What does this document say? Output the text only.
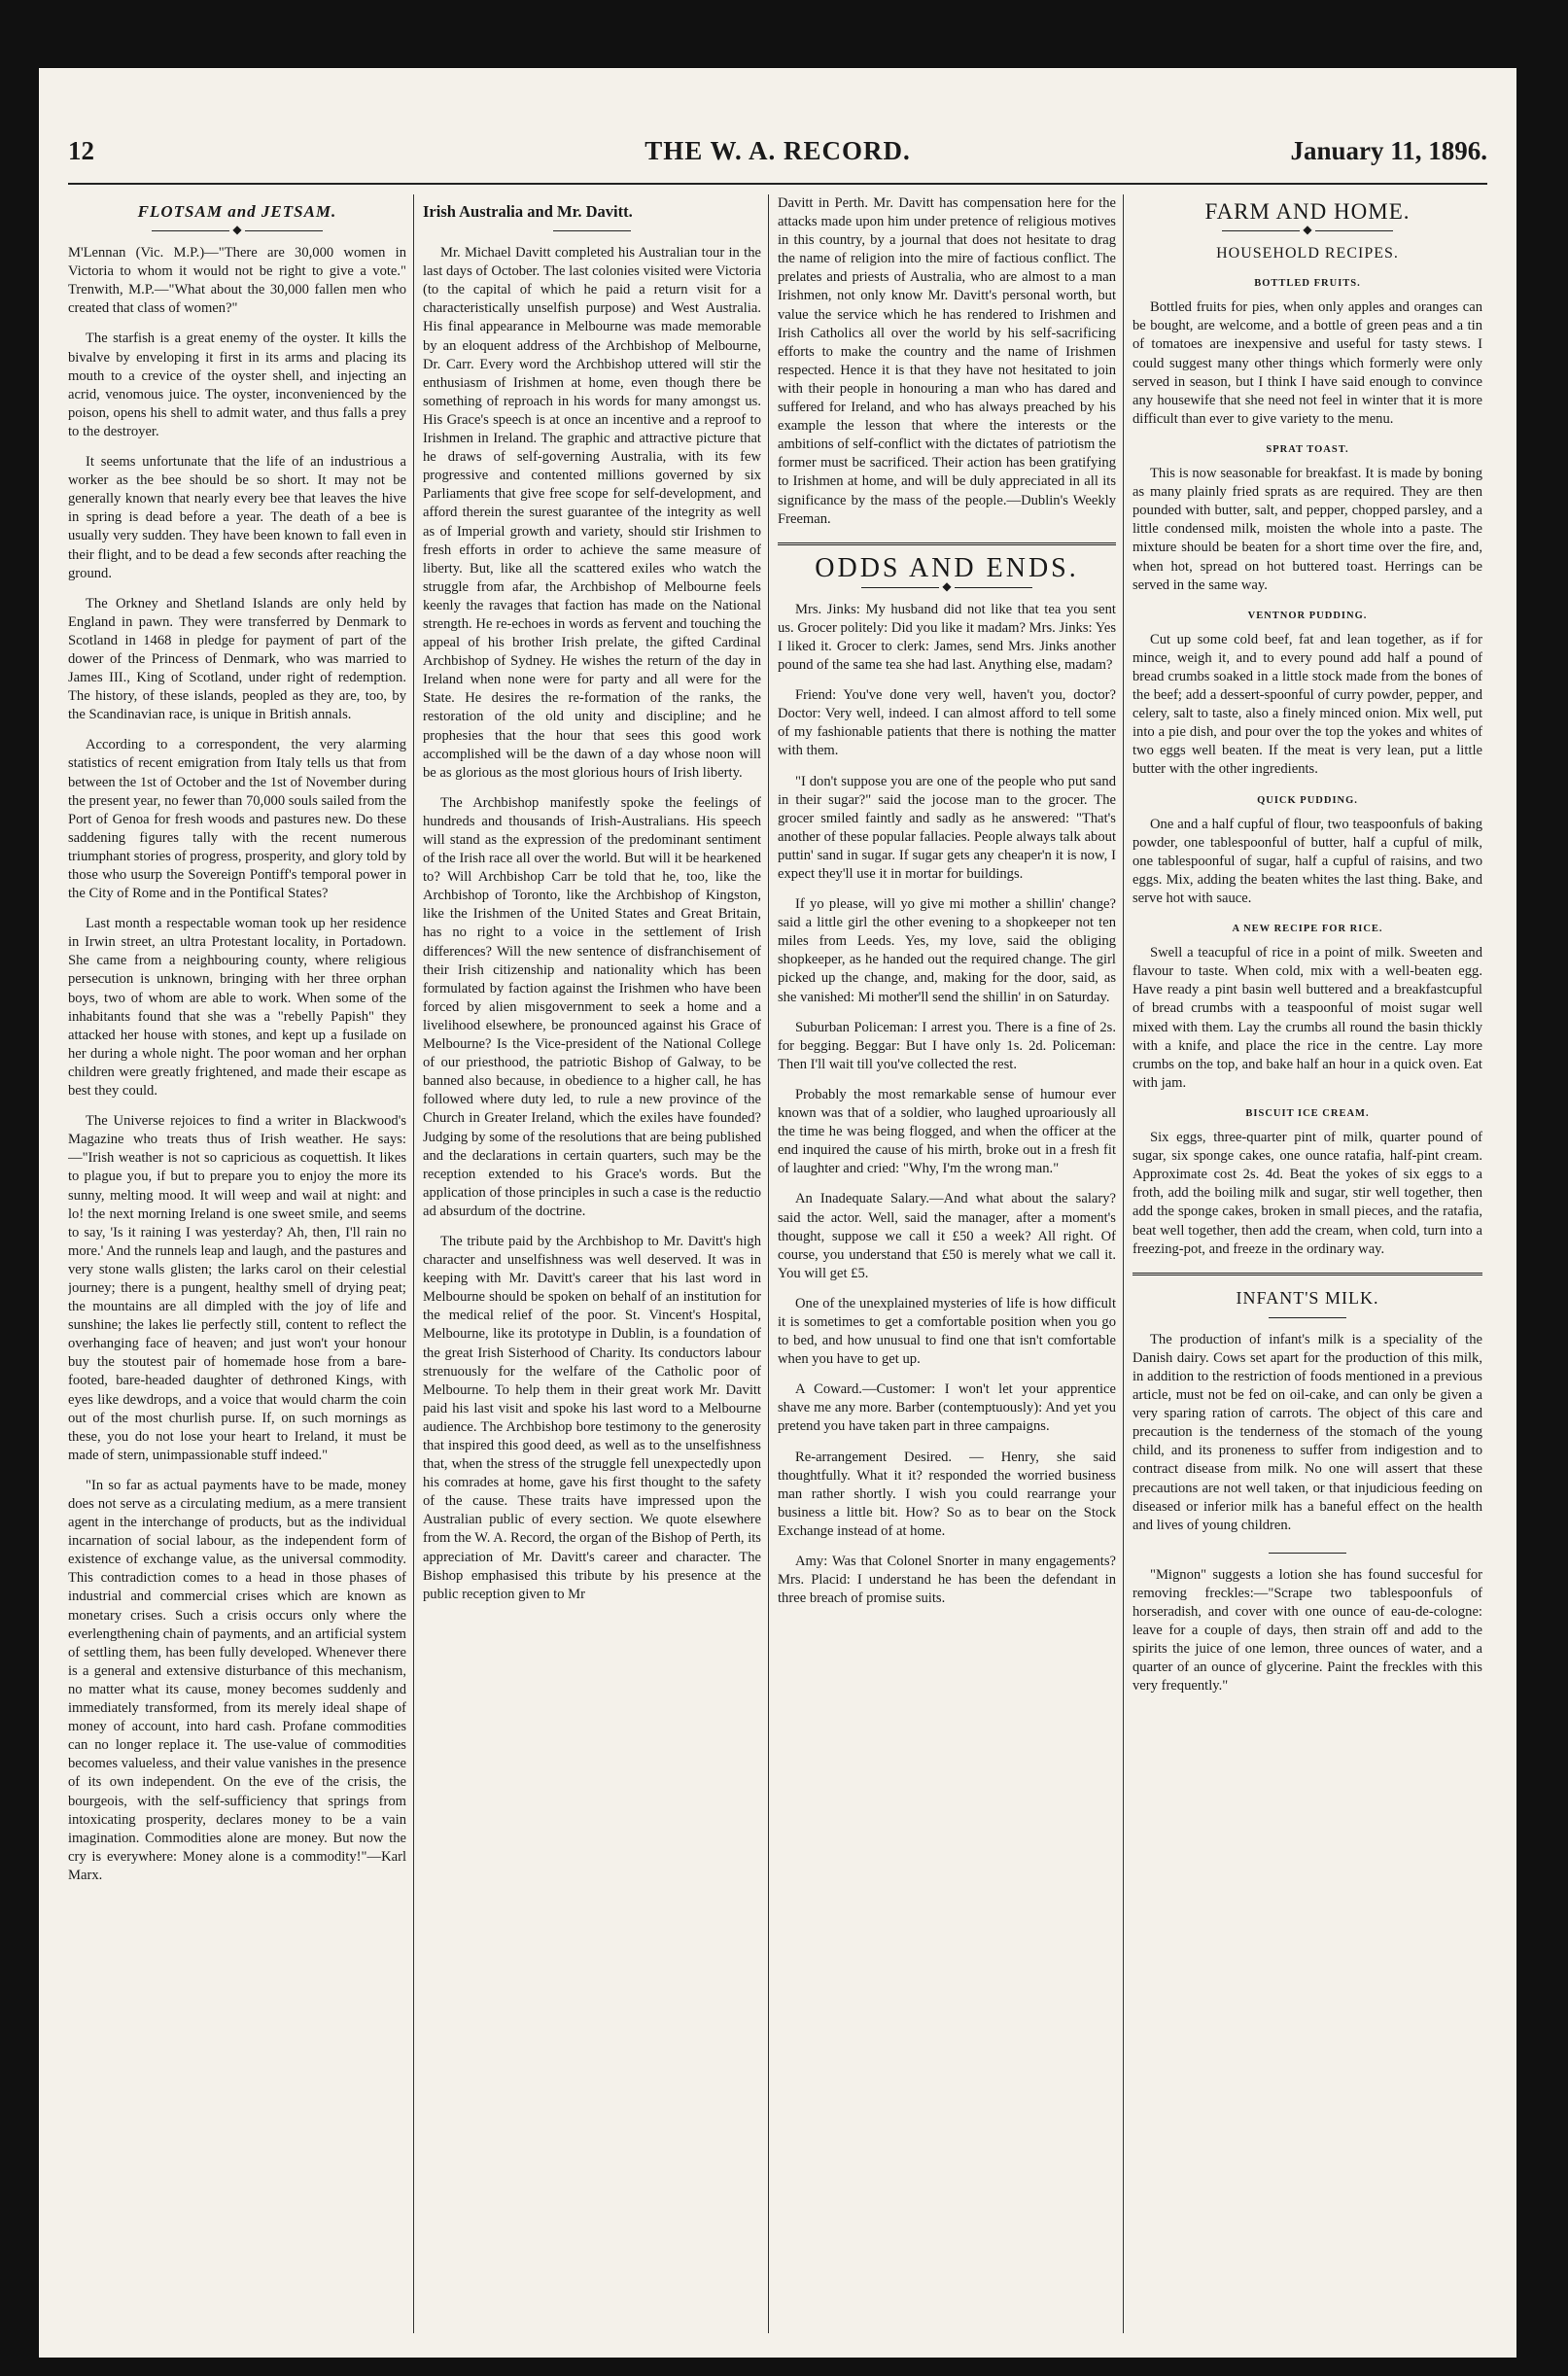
12	THE W. A. RECORD.	January 11, 1896.
FLOTSAM and JETSAM.
◆

M'Lennan (Vic. M.P.)—"There are 30,000 women in Victoria to whom it would not be right to give a vote." Trenwith, M.P.—"What about the 30,000 fallen men who created that class of women?"

The starfish is a great enemy of the oyster. It kills the bivalve by enveloping it first in its arms and placing its mouth to a crevice of the oyster shell, and injecting an acrid, venomous juice. The oyster, inconvenienced by the poison, opens his shell to admit water, and thus falls a prey to the destroyer.

It seems unfortunate that the life of an industrious a worker as the bee should be so short. It may not be generally known that nearly every bee that leaves the hive in spring is dead before a year. The death of a bee is usually very sudden. They have been known to fall even in their flight, and to be dead a few seconds after reaching the ground.

The Orkney and Shetland Islands are only held by England in pawn. They were transferred by Denmark to Scotland in 1468 in pledge for payment of part of the dower of the Princess of Denmark, who was married to James III., King of Scotland, under right of redemption. The history, of these islands, peopled as they are, too, by the Scandinavian race, is unique in British annals.

According to a correspondent, the very alarming statistics of recent emigration from Italy tells us that from between the 1st of October and the 1st of November during the present year, no fewer than 70,000 souls sailed from the Port of Genoa for fresh woods and pastures new. Do these saddening figures tally with the recent numerous triumphant stories of progress, prosperity, and glory told by those who usurp the Sovereign Pontiff's temporal power in the City of Rome and in the Pontifical States?

Last month a respectable woman took up her residence in Irwin street, an ultra Protestant locality, in Portadown. She came from a neighbouring county, where religious persecution is unknown, bringing with her three orphan boys, two of whom are able to work. When some of the inhabitants found that she was a "rebelly Papish" they attacked her house with stones, and kept up a fusilade on her during a whole night. The poor woman and her orphan children were greatly frightened, and made their escape as best they could.

The Universe rejoices to find a writer in Blackwood's Magazine who treats thus of Irish weather. He says:—"Irish weather is not so capricious as coquettish. It likes to plague you, if but to prepare you to enjoy the more its sunny, melting mood. It will weep and wail at night: and lo! the next morning Ireland is one sweet smile, and seems to say, 'Is it raining I was yesterday? Ah, then, I'll rain no more.' And the runnels leap and laugh, and the pastures and very stone walls glisten; the larks carol on their celestial journey; there is a pungent, healthy smell of drying peat; the mountains are all dimpled with the joy of life and sunshine; the lakes lie perfectly still, content to reflect the overhanging face of heaven; and just won't your honour buy the stoutest pair of homemade hose from a bare-footed, bare-headed daughter of dethroned Kings, with eyes like dewdrops, and a voice that would charm the coin out of the most churlish purse. If, on such mornings as these, you do not lose your heart to Ireland, it must be made of stern, unimpassionable stuff indeed."

"In so far as actual payments have to be made, money does not serve as a circulating medium, as a mere transient agent in the interchange of products, but as the individual incarnation of social labour, as the independent form of existence of exchange value, as the universal commodity. This contradiction comes to a head in those phases of industrial and commercial crises which are known as monetary crises. Such a crisis occurs only where the everlengthening chain of payments, and an artificial system of settling them, has been fully developed. Whenever there is a general and extensive disturbance of this mechanism, no matter what its cause, money becomes suddenly and immediately transformed, from its merely ideal shape of money of account, into hard cash. Profane commodities can no longer replace it. The use-value of commodities becomes valueless, and their value vanishes in the presence of its own independent. On the eve of the crisis, the bourgeois, with the self-sufficiency that springs from intoxicating prosperity, declares money to be a vain imagination. Commodities alone are money. But now the cry is everywhere: Money alone is a commodity!"—Karl Marx.

Irish Australia and Mr. Davitt.

Mr. Michael Davitt completed his Australian tour in the last days of October. The last colonies visited were Victoria (to the capital of which he paid a return visit for a characteristically unselfish purpose) and West Australia. His final appearance in Melbourne was made memorable by an eloquent address of the Archbishop of Melbourne, Dr. Carr. Every word the Archbishop uttered will stir the enthusiasm of Irishmen at home, even though there be something of reproach in his words for many amongst us. His Grace's speech is at once an incentive and a reproof to Irishmen in Ireland. The graphic and attractive picture that he draws of self-governing Australia, with its few progressive and contented millions governed by six Parliaments that give free scope for self-development, and afford therein the surest guarantee of the integrity as well as of Imperial growth and variety, should stir Irishmen to fresh efforts in order to achieve the same measure of liberty. But, like all the scattered exiles who watch the struggle from afar, the Archbishop of Melbourne feels keenly the ravages that faction has made on the National strength. He re-echoes in words as fervent and touching the appeal of his brother Irish prelate, the gifted Cardinal Archbishop of Sydney. He wishes the return of the day in Ireland when none were for party and all were for the State. He desires the re-formation of the ranks, the restoration of the old unity and discipline; and he prophesies that the hour that sees this good work accomplished will be the dawn of a day whose noon will be as glorious as the most glorious hours of Irish liberty.

The Archbishop manifestly spoke the feelings of hundreds and thousands of Irish-Australians. His speech will stand as the expression of the predominant sentiment of the Irish race all over the world. But will it be hearkened to? Will Archbishop Carr be told that he, too, like the Archbishop of Toronto, like the Archbishop of Kingston, like the Irishmen of the United States and Great Britain, has no right to a voice in the settlement of Irish differences? Will the new sentence of disfranchisement of their Irish citizenship and nationality which has been formulated by faction against the Irishmen who have been forced by alien misgovernment to seek a home and a livelihood elsewhere, be pronounced against his Grace of Melbourne? Is the Vice-president of the National College of our priesthood, the patriotic Bishop of Galway, to be banned also because, in obedience to a higher call, he has followed where duty led, to rule a new province of the Church in Greater Ireland, which the exiles have founded? Judging by some of the resolutions that are being published and the declarations in certain quarters, such may be the reception extended to his Grace's words. But the application of those principles in such a case is the reductio ad absurdum of the doctrine.

The tribute paid by the Archbishop to Mr. Davitt's high character and unselfishness was well deserved. It was in keeping with Mr. Davitt's career that his last word in Melbourne should be spoken on behalf of an institution for the medical relief of the poor. St. Vincent's Hospital, Melbourne, like its prototype in Dublin, is a foundation of the great Irish Sisterhood of Charity. Its conductors labour strenuously for the welfare of the Catholic poor of Melbourne. To help them in their great work Mr. Davitt paid his last visit and spoke his last word to a Melbourne audience. The Archbishop bore testimony to the generosity that inspired this good deed, as well as to the unselfishness that, when the stress of the struggle fell unexpectedly upon his comrades at home, gave his first thought to the safety of the cause. These traits have impressed upon the Australian public of every section. We quote elsewhere from the W. A. Record, the organ of the Bishop of Perth, its appreciation of Mr. Davitt's career and character. The Bishop emphasised this tribute by his presence at the public reception given to Mr

Davitt in Perth. Mr. Davitt has compensation here for the attacks made upon him under pretence of religious motives in this country, by a journal that does not hesitate to drag the name of religion into the mire of factious conflict. The prelates and priests of Australia, who are almost to a man Irishmen, not only know Mr. Davitt's personal worth, but value the service which he has rendered to Irishmen and Irish Catholics all over the world by his self-sacrificing efforts to make the country and the name of Irishmen respected. Hence it is that they have not hesitated to join with their people in honouring a man who has dared and suffered for Ireland, and who has always preached by his example the lesson that where the interests or the ambitions of self-conflict with the dictates of patriotism the former must be sacrificed. Their action has been gratifying to Irishmen at home, and will be duly appreciated in all its significance by the mass of the people.—Dublin's Weekly Freeman.

ODDS AND ENDS.
◆

Mrs. Jinks: My husband did not like that tea you sent us. Grocer politely: Did you like it madam? Mrs. Jinks: Yes I liked it. Grocer to clerk: James, send Mrs. Jinks another pound of the same tea she had last. Anything else, madam?

Friend: You've done very well, haven't you, doctor? Doctor: Very well, indeed. I can almost afford to tell some of my fashionable patients that there is nothing the matter with them.

"I don't suppose you are one of the people who put sand in their sugar?" said the jocose man to the grocer. The grocer smiled faintly and sadly as he answered: "That's another of these popular fallacies. People always talk about puttin' sand in sugar. If sugar gets any cheaper'n it is now, I expect they'll use it in mortar for buildings.

If yo please, will yo give mi mother a shillin' change? said a little girl the other evening to a shopkeeper not ten miles from Leeds. Yes, my love, said the obliging shopkeeper, as he handed out the required change. The girl picked up the change, and, making for the door, said, as she vanished: Mi mother'll send the shillin' in on Saturday.

Suburban Policeman: I arrest you. There is a fine of 2s. for begging. Beggar: But I have only 1s. 2d. Policeman: Then I'll wait till you've collected the rest.

Probably the most remarkable sense of humour ever known was that of a soldier, who laughed uproariously all the time he was being flogged, and when the officer at the end inquired the cause of his mirth, broke out in a fresh fit of laughter and cried: "Why, I'm the wrong man."

An Inadequate Salary.—And what about the salary? said the actor. Well, said the manager, after a moment's thought, suppose we call it £50 a week? All right. Of course, you understand that £50 is merely what we call it. You will get £5.

One of the unexplained mysteries of life is how difficult it is sometimes to get a comfortable position when you go to bed, and how unusual to find one that isn't comfortable when you have to get up.

A Coward.—Customer: I won't let your apprentice shave me any more. Barber (contemptuously): And yet you pretend you have taken part in three campaigns.

Re-arrangement Desired. — Henry, she said thoughtfully. What it it? responded the worried business man rather shortly. I wish you could rearrange your business a little bit. How? So as to bear on the Stock Exchange instead of at home.

Amy: Was that Colonel Snorter in many engagements? Mrs. Placid: I understand he has been the defendant in three breach of promise suits.

FARM AND HOME.
◆
HOUSEHOLD RECIPES.
BOTTLED FRUITS.

Bottled fruits for pies, when only apples and oranges can be bought, are welcome, and a bottle of green peas and a tin of tomatoes are inexpensive and useful for tasty stews. I could suggest many other things which formerly were only served in season, but I think I have said enough to convince any housewife that she need not feel in winter that it is more difficult than ever to give variety to the menu.

SPRAT TOAST.

This is now seasonable for breakfast. It is made by boning as many plainly fried sprats as are required. They are then pounded with butter, salt, and pepper, chopped parsley, and a little condensed milk, moisten the whole into a paste. The mixture should be beaten for a short time over the fire, and, when hot, spread on hot buttered toast. Herrings can be served in the same way.

VENTNOR PUDDING.

Cut up some cold beef, fat and lean together, as if for mince, weigh it, and to every pound add half a pound of bread crumbs soaked in a little stock made from the bones of the beef; add a dessert-spoonful of curry powder, pepper, and celery, salt to taste, also a finely minced onion. Mix well, put into a pie dish, and pour over the top the yokes and whites of two eggs well beaten. If the meat is very lean, put a little butter with the other ingredients.

QUICK PUDDING.

One and a half cupful of flour, two teaspoonfuls of baking powder, one tablespoonful of butter, half a cupful of milk, one tablespoonful of sugar, half a cupful of raisins, and two eggs. Mix, adding the beaten whites the last thing. Bake, and serve hot with sauce.

A NEW RECIPE FOR RICE.

Swell a teacupful of rice in a point of milk. Sweeten and flavour to taste. When cold, mix with a well-beaten egg. Have ready a pint basin well buttered and a breakfastcupful of bread crumbs with a teaspoonful of moist sugar well mixed with them. Lay the crumbs all round the basin thickly with a knife, and place the rice in the centre. Lay more crumbs on the top, and bake half an hour in a quick oven. Eat with jam.

BISCUIT ICE CREAM.

Six eggs, three-quarter pint of milk, quarter pound of sugar, six sponge cakes, one ounce ratafia, half-pint cream. Approximate cost 2s. 4d. Beat the yokes of six eggs to a froth, add the boiling milk and sugar, stir well together, then add the sponge cakes, broken in small pieces, and the ratafia, beat well together, then add the cream, when cold, turn into a freezing-pot, and freeze in the ordinary way.

INFANT'S MILK.

The production of infant's milk is a speciality of the Danish dairy. Cows set apart for the production of this milk, in addition to the restriction of foods mentioned in a previous article, must not be fed on oil-cake, and can only be given a very sparing ration of carrots. The object of this care and precaution is the tenderness of the stomach of the young child, and its proneness to suffer from indigestion and to contract disease from milk. No one will assert that these precautions are not well taken, or that injudicious feeding on diseased or inferior milk has a baneful effect on the health and lives of young children.

"Mignon" suggests a lotion she has found succesful for removing freckles:—"Scrape two tablespoonfuls of horseradish, and cover with one ounce of eau-de-cologne: leave for a couple of days, then strain off and add to the spirits the juice of one lemon, three ounces of water, and a quarter of an ounce of glycerine. Paint the freckles with this very frequently."
